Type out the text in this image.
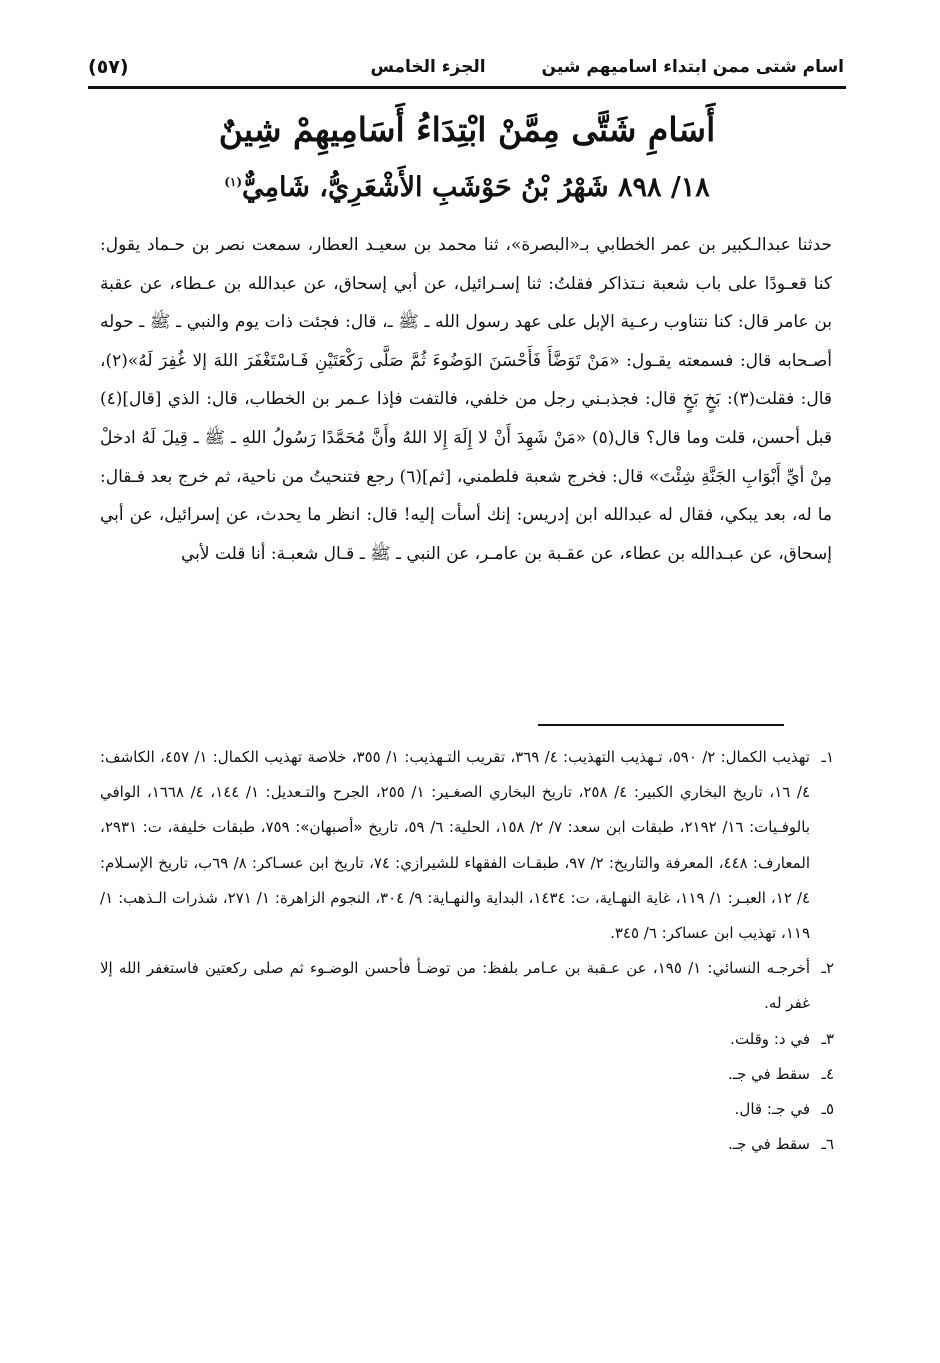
اسام شتى ممن ابتداء اسامیهم شین
الجزء الخامس
(٥٧)
أَسَامِ شَتَّى مِمَّنْ ابْتِدَاءُ أَسَامِيهِمْ شِينٌ
١٨/ ٨٩٨ شَهْرُ بْنُ حَوْشَبِ الأَشْعَرِيُّ، شَامِيٌّ$^{(١)}$

حدثنا عبدالـكبير بن عمر الخطابي بـ«البصرة»، ثنا محمد بن سعيـد العطار، سمعت نصر بن حـماد يقول: كنا قعـودًا على باب شعبة نـتذاكر فقلتُ: ثنا إسـرائيل، عن أبي إسحاق، عن عبدالله بن عـطاء، عن عقبة بن عامر قال: كنا نتناوب رعـية الإبل على عهد رسول الله ـ ﷺ ـ، قال: فجئت ذات يوم والنبي ـ ﷺ ـ حوله أصـحابه قال: فسمعته يقـول: «مَنْ تَوَضَّأَ فَأَحْسَنَ الوَضُوءَ ثُمَّ صَلَّى رَكْعَتَيْنِ فَـاسْتَغْفَرَ اللهَ إلا غُفِرَ لَهُ»(٢)، قال: فقلت(٣): بَخٍ بَخٍ قال: فجذبـني رجل من خلفي، فالتفت فإذا عـمر بن الخطاب، قال: الذي [قال](٤) قبل أحسن، قلت وما قال؟ قال(٥) «مَنْ شَهِدَ أَنْ لا إِلَهَ إِلا اللهُ وأَنَّ مُحَمَّدًا رَسُولُ اللهِ ـ ﷺ ـ قِيلَ لَهُ ادخلْ مِنْ أيِّ أَبْوَابِ الجَنَّةِ شِئْتَ» قال: فخرج شعبة فلطمني، [ثم](٦) رجع فتنحيتُ من ناحية، ثم خرج بعد فـقال: ما له، بعد يبكي، فقال له عبدالله ابن إدريس: إنك أسأت إليه! قال: انظر ما يحدث، عن إسرائيل، عن أبي إسحاق، عن عبـدالله بن عطاء، عن عقـبة بن عامـر، عن النبي ـ ﷺ ـ قـال شعبـة: أنا قلت لأبي

١ـ
تهذيب الكمال: ٢/ ٥٩٠، تـهذيب التهذيب: ٤/ ٣٦٩، تقريب التـهذيب: ١/ ٣٥٥، خلاصة تهذيب الكمال: ١/ ٤٥٧، الكاشف: ٤/ ١٦، تاريخ البخاري الكبير: ٤/ ٢٥٨، تاريخ البخاري الصغـير: ١/ ٢٥٥، الجرح والتـعديل: ١/ ١٤٤، ٤/ ١٦٦٨، الوافي بالوفـيات: ١٦/ ٢١٩٢، طبقات ابن سعد: ٧/ ٢/ ١٥٨، الحلية: ٦/ ٥٩، تاريخ «أصبهان»: ٧٥٩، طبقات خليفة، ت: ٢٩٣١، المعارف: ٤٤٨، المعرفة والتاريخ: ٢/ ٩٧، طبقـات الفقهاء للشيرازي: ٧٤، تاريخ ابن عسـاكر: ٨/ ٦٩ب، تاريخ الإسـلام: ٤/ ١٢، العبـر: ١/ ١١٩، غاية النهـاية، ت: ١٤٣٤، البداية والنهـاية: ٩/ ٣٠٤، النجوم الزاهرة: ١/ ٢٧١، شذرات الـذهب: ١/ ١١٩، تهذيب ابن عساكر: ٦/ ٣٤٥.
٢ـ
أخرجـه النسائي: ١/ ١٩٥، عن عـقبة بن عـامر بلفظ: من توضـأ فأحسن الوضـوء ثم صلى ركعتين فاستغفر الله إلا غفر له.
٣ـ
في د: وقلت.
٤ـ
سقط في جـ.
٥ـ
في جـ: قال.
٦ـ
سقط في جـ.
